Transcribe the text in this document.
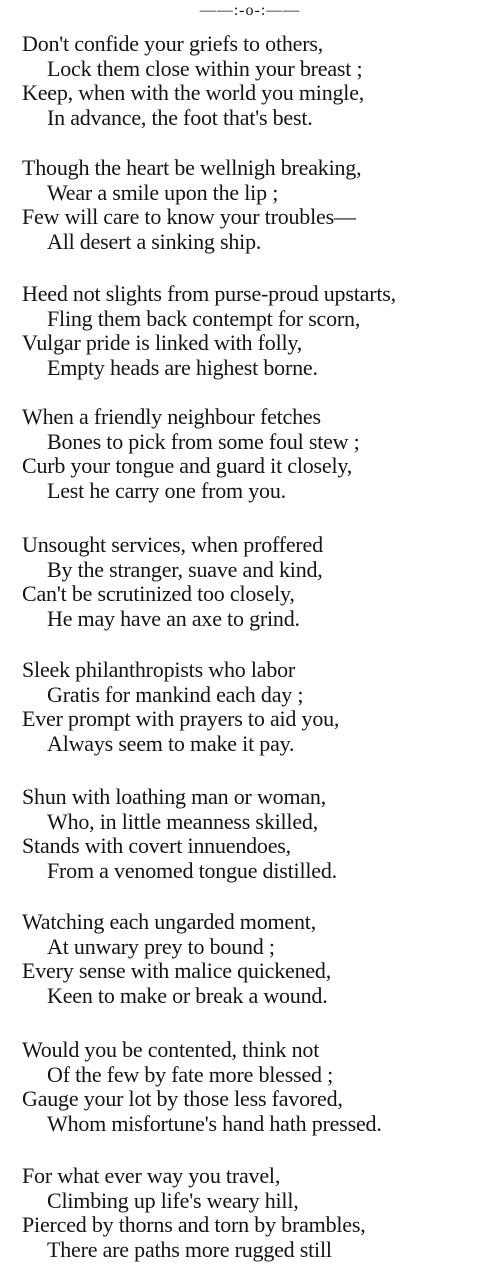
——:-o-:——
Don't confide your griefs to others,
Lock them close within your breast ;
Keep, when with the world you mingle,
In advance, the foot that's best.
Though the heart be wellnigh breaking,
Wear a smile upon the lip ;
Few will care to know your troubles—
All desert a sinking ship.
Heed not slights from purse-proud upstarts,
Fling them back contempt for scorn,
Vulgar pride is linked with folly,
Empty heads are highest borne.
When a friendly neighbour fetches
Bones to pick from some foul stew ;
Curb your tongue and guard it closely,
Lest he carry one from you.
Unsought services, when proffered
By the stranger, suave and kind,
Can't be scrutinized too closely,
He may have an axe to grind.
Sleek philanthropists who labor
Gratis for mankind each day ;
Ever prompt with prayers to aid you,
Always seem to make it pay.
Shun with loathing man or woman,
Who, in little meanness skilled,
Stands with covert innuendoes,
From a venomed tongue distilled.
Watching each ungarded moment,
At unwary prey to bound ;
Every sense with malice quickened,
Keen to make or break a wound.
Would you be contented, think not
Of the few by fate more blessed ;
Gauge your lot by those less favored,
Whom misfortune's hand hath pressed.
For what ever way you travel,
Climbing up life's weary hill,
Pierced by thorns and torn by brambles,
There are paths more rugged still
